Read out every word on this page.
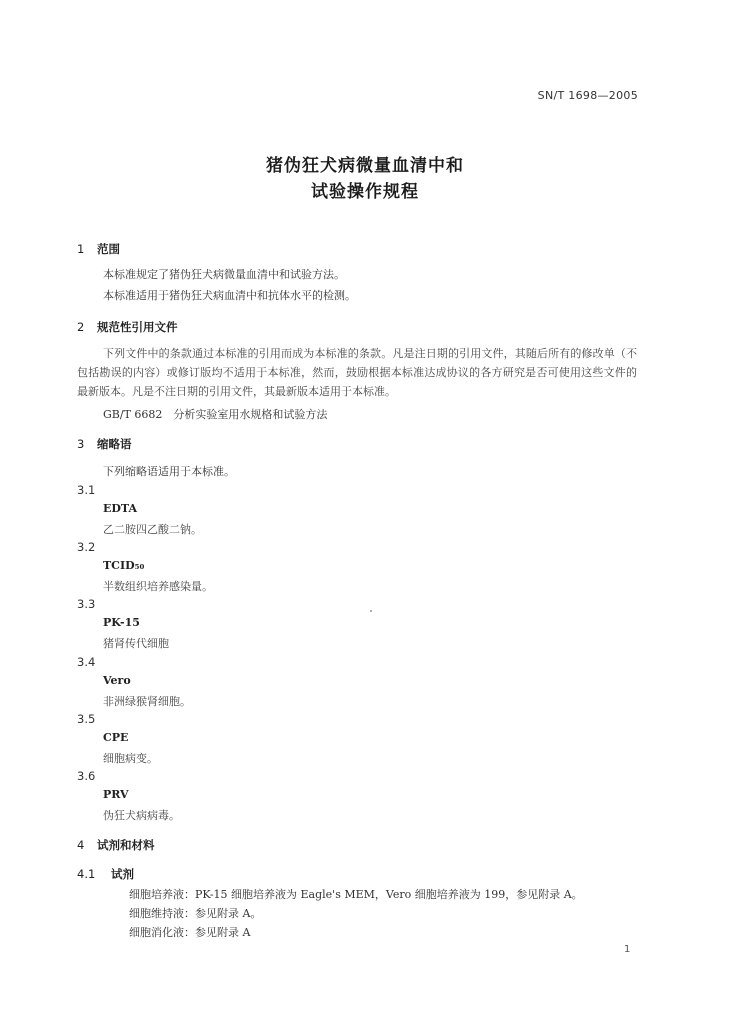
SN/T 1698—2005
猪伪狂犬病微量血清中和
试验操作规程
1 范围
本标准规定了猪伪狂犬病微量血清中和试验方法。
本标准适用于猪伪狂犬病血清中和抗体水平的检测。
2 规范性引用文件
下列文件中的条款通过本标准的引用而成为本标准的条款。凡是注日期的引用文件，其随后所有的修改单（不包括勘误的内容）或修订版均不适用于本标准，然而，鼓励根据本标准达成协议的各方研究是否可使用这些文件的最新版本。凡是不注日期的引用文件，其最新版本适用于本标准。
GB/T 6682　分析实验室用水规格和试验方法
3 缩略语
下列缩略语适用于本标准。
3.1
EDTA
乙二胺四乙酸二钠。
3.2
TCID₅₀
半数组织培养感染量。
3.3
PK-15
猪肾传代细胞
3.4
Vero
非洲绿猴肾细胞。
3.5
CPE
细胞病变。
3.6
PRV
伪狂犬病病毒。
4 试剂和材料
4.1 试剂
细胞培养液：PK-15 细胞培养液为 Eagle's MEM，Vero 细胞培养液为 199，参见附录 A。
细胞维持液：参见附录 A。
细胞消化液：参见附录 A
1
